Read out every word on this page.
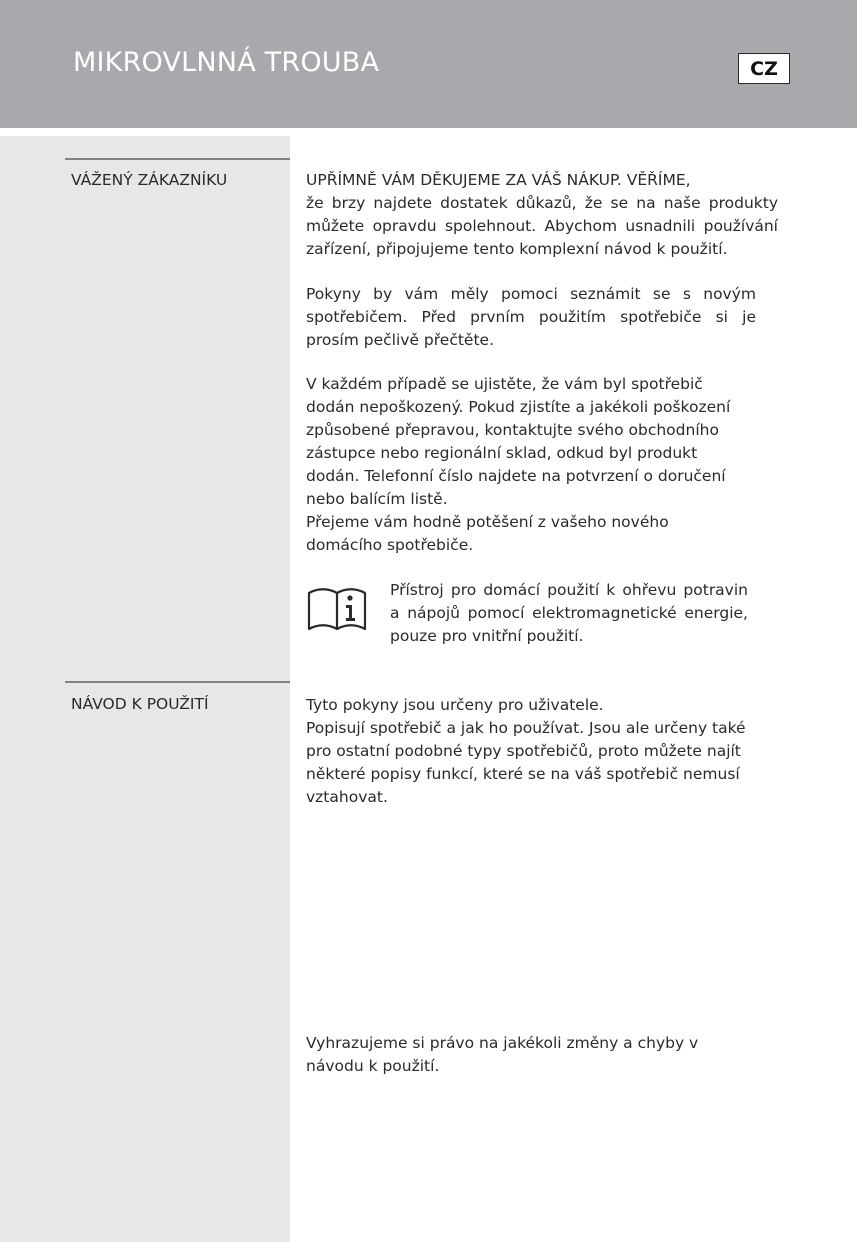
MIKROVLNNÁ TROUBA	CZ
VÁŽENÝ ZÁKAZNÍKU	UPŘÍMNĚ VÁM DĚKUJEME ZA VÁŠ NÁKUP. VĚŘÍME,
že brzy najdete dostatek důkazů, že se na naše produkty můžete opravdu spolehnout. Abychom usnadnili používání zařízení, připojujeme tento komplexní návod k použití.

Pokyny by vám měly pomoci seznámit se s novým spotřebičem. Před prvním použitím spotřebiče si je prosím pečlivě přečtěte.
V každém případě se ujistěte, že vám byl spotřebič dodán nepoškozený. Pokud zjistíte a jakékoli poškození způsobené přepravou, kontaktujte svého obchodního zástupce nebo regionální sklad, odkud byl produkt dodán. Telefonní číslo najdete na potvrzení o doručení nebo balícím listě.
Přejeme vám hodně potěšení z vašeho nového domácího spotřebiče.
Přístroj pro domácí použití k ohřevu potravin a nápojů pomocí elektromagnetické energie, pouze pro vnitřní použití.
NÁVOD K POUŽITÍ	Tyto pokyny jsou určeny pro uživatele.
Popisují spotřebič a jak ho používat. Jsou ale určeny také pro ostatní podobné typy spotřebičů, proto můžete najít některé popisy funkcí, které se na váš spotřebič nemusí vztahovat.
Vyhrazujeme si právo na jakékoli změny a chyby v návodu k použití.
